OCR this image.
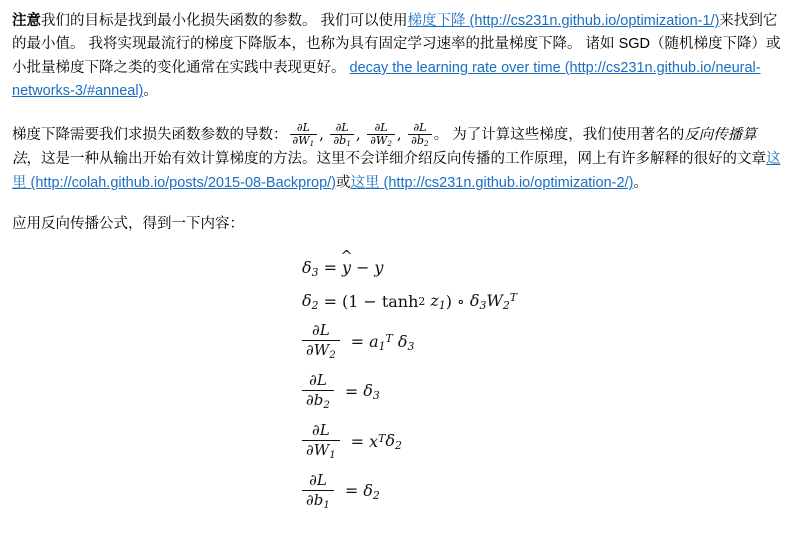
注意我们的目标是找到最小化损失函数的参数。 我们可以使用梯度下降 (http://cs231n.github.io/optimization-1/)来找到它的最小值。 我将实现最流行的梯度下降版本，也称为具有固定学习速率的批量梯度下降。 诸如 SGD（随机梯度下降）或小批量梯度下降之类的变化通常在实践中表现更好。 decay the learning rate over time (http://cs231n.github.io/neural-networks-3/#anneal)。

梯度下降需要我们求损失函数参数的导数： $\frac{\partial L}{\partial W_1}$ , $\frac{\partial L}{\partial b_1}$ , $\frac{\partial L}{\partial W_2}$ , $\frac{\partial L}{\partial b_2}$ 。 为了计算这些梯度，我们使用著名的反向传播算法，这是一种从输出开始有效计算梯度的方法。这里不会详细介绍反向传播的工作原理，网上有许多解释的很好的文章这里 (http://colah.github.io/posts/2015-08-Backprop/)或这里 (http://cs231n.github.io/optimization-2/)。

应用反向传播公式，得到一下内容：

$\delta_3 = y$ ^ − y
$\delta_2$ = ( 1 − tanh 2
$z_1$ ) ∘ $\delta_3$ $W_2^T$
$\frac{\partial L}{\partial W_2} = a_1^T$
$\delta_3$
$\frac{\partial L}{\partial b_2} = \delta_3$
$\frac{\partial L}{\partial W_1} = x^T$ $\delta_2$
$\frac{\partial L}{\partial b_1} = \delta_2$
